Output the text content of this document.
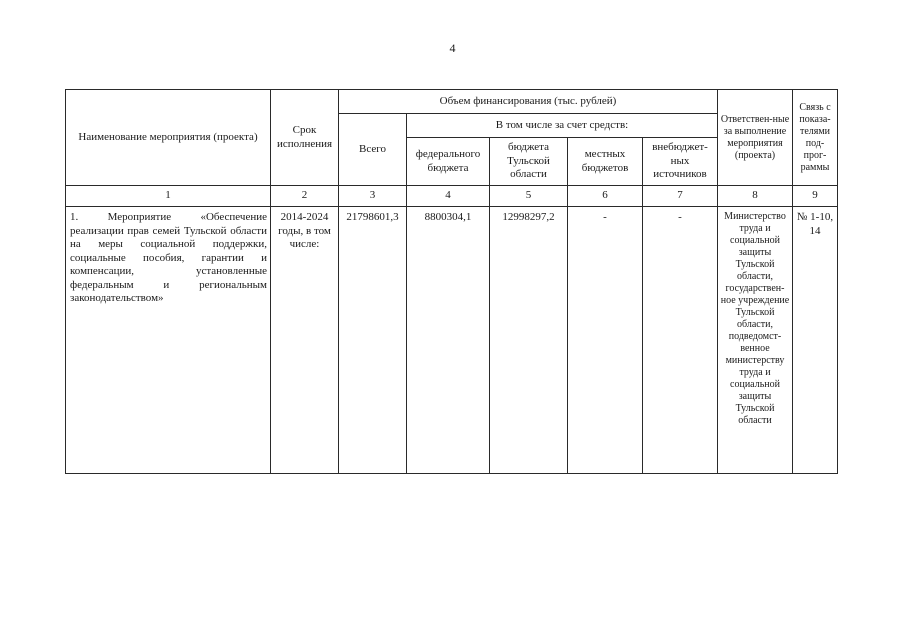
4
Наименование мероприятия (проекта)	Срок исполнения	Объем финансирования (тыс. рублей)					Ответствен-ные за выполнение мероприятия (проекта)	Связь с показа-телями под-прог-раммы
		Всего	В том числе за счет средств:					
			федерального бюджета	бюджета Тульской области	местных бюджетов	внебюджет-ных источников		
1	2	3	4	5	6	7	8	9
1. Мероприятие «Обеспечение реализации прав семей Тульской области на меры социальной поддержки, социальные пособия, гарантии и компенсации, установленные федеральным и региональным законодательством»	2014-2024 годы, в том числе:	21798601,3	8800304,1	12998297,2	-	-	Министерство труда и социальной защиты Тульской области, государствен-ное учреждение Тульской области, подведомст-венное министерству труда и социальной защиты Тульской области	№ 1-10, 14
